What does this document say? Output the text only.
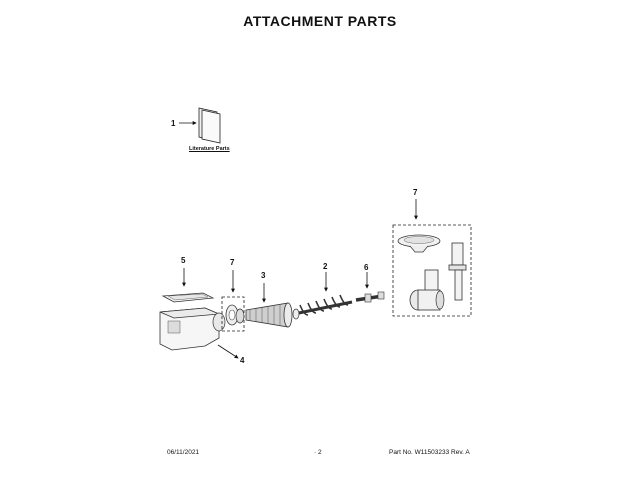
ATTACHMENT PARTS
1
5	7
3
2	6
7
4
Literature Parts
06/11/2021	· 2	Part No. W11503233 Rev. A
